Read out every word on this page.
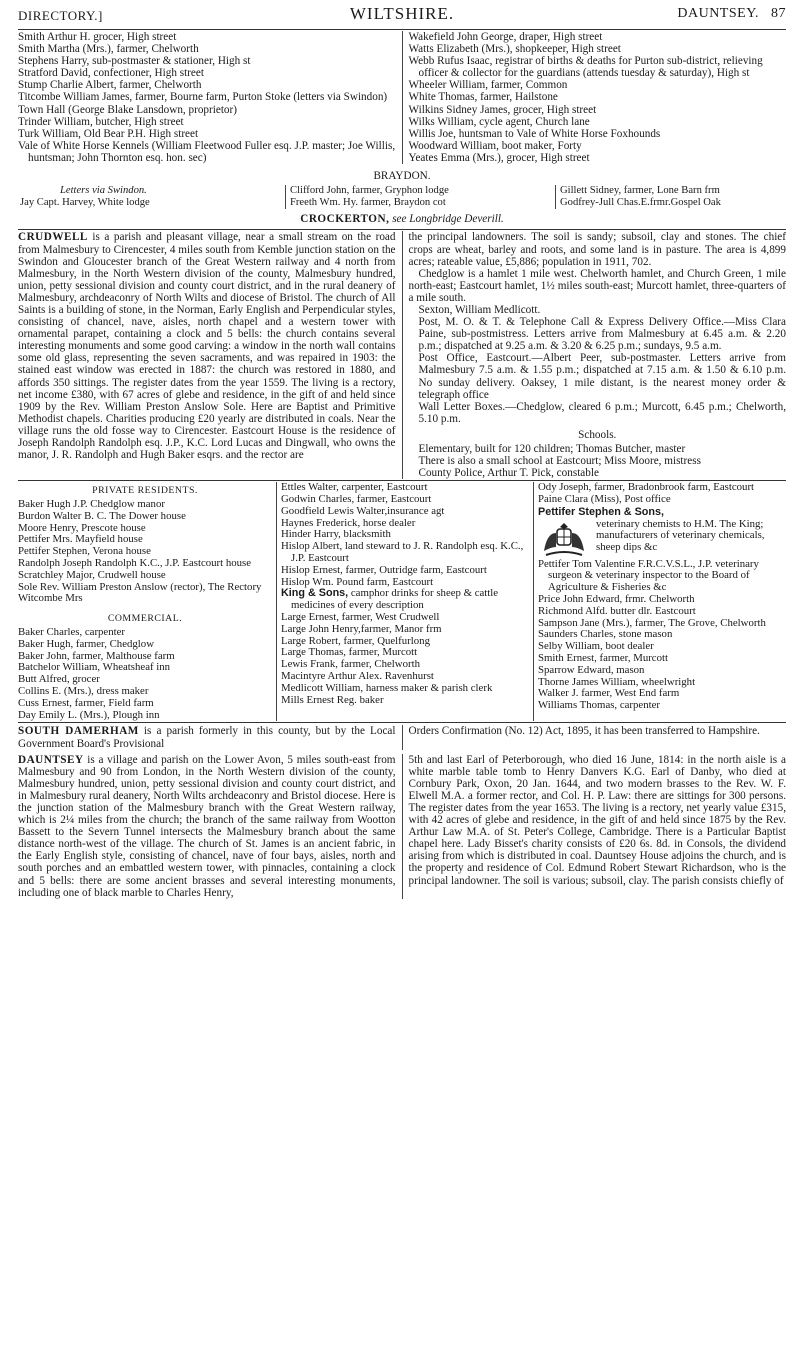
DIRECTORY.]	WILTSHIRE.	DAUNTSEY. 87

Smith Arthur H. grocer, High street

Smith Martha (Mrs.), farmer, Chelworth

Stephens Harry, sub-postmaster & stationer, High st

Stratford David, confectioner, High street

Stump Charlie Albert, farmer, Chelworth

Titcombe William James, farmer, Bourne farm, Purton Stoke (letters via Swindon)

Town Hall (George Blake Lansdown, proprietor)

Trinder William, butcher, High street

Turk William, Old Bear P.H. High street

Vale of White Horse Kennels (William Fleetwood Fuller esq. J.P. master; Joe Willis, huntsman; John Thornton esq. hon. sec)

Wakefield John George, draper, High street

Watts Elizabeth (Mrs.), shopkeeper, High street

Webb Rufus Isaac, registrar of births & deaths for Purton sub-district, relieving officer & collector for the guardians (attends tuesday & saturday), High st

Wheeler William, farmer, Common

White Thomas, farmer, Hailstone

Wilkins Sidney James, grocer, High street

Wilks William, cycle agent, Church lane

Willis Joe, huntsman to Vale of White Horse Foxhounds

Woodward William, boot maker, Forty

Yeates Emma (Mrs.), grocer, High street

BRAYDON.
Letters via Swindon.
Jay Capt. Harvey, White lodge
Clifford John, farmer, Gryphon lodge
Freeth Wm. Hy. farmer, Braydon cot
Gillett Sidney, farmer, Lone Barn frm
Godfrey-Jull Chas.E.frmr.Gospel Oak
CROCKERTON, see Longbridge Deverill.

CRUDWELL is a parish and pleasant village, near a small stream on the road from Malmesbury to Cirencester, 4 miles south from Kemble junction station on the Swindon and Gloucester branch of the Great Western railway and 4 north from Malmesbury, in the North Western division of the county, Malmesbury hundred, union, petty sessional division and county court district, and in the rural deanery of Malmesbury, archdeaconry of North Wilts and diocese of Bristol. The church of All Saints is a building of stone, in the Norman, Early English and Perpendicular styles, consisting of chancel, nave, aisles, north chapel and a western tower with ornamental parapet, containing a clock and 5 bells: the church contains several interesting monuments and some good carving: a window in the north wall contains some old glass, representing the seven sacraments, and was repaired in 1903: the stained east window was erected in 1887: the church was restored in 1880, and affords 350 sittings. The register dates from the year 1559. The living is a rectory, net income £380, with 67 acres of glebe and residence, in the gift of and held since 1909 by the Rev. William Preston Anslow Sole. Here are Baptist and Primitive Methodist chapels. Charities producing £20 yearly are distributed in coals. Near the village runs the old fosse way to Cirencester. Eastcourt House is the residence of Joseph Randolph Randolph esq. J.P., K.C. Lord Lucas and Dingwall, who owns the manor, J. R. Randolph and Hugh Baker esqrs. and the rector are

the principal landowners. The soil is sandy; subsoil, clay and stones. The chief crops are wheat, barley and roots, and some land is in pasture. The area is 4,899 acres; rateable value, £5,886; population in 1911, 702.

Chedglow is a hamlet 1 mile west. Chelworth hamlet, and Church Green, 1 mile north-east; Eastcourt hamlet, 1½ miles south-east; Murcott hamlet, three-quarters of a mile south.

Sexton, William Medlicott.

Post, M. O. & T. & Telephone Call & Express Delivery Office.—Miss Clara Paine, sub-postmistress. Letters arrive from Malmesbury at 6.45 a.m. & 2.20 p.m.; dispatched at 9.25 a.m. & 3.20 & 6.25 p.m.; sundays, 9.5 a.m.

Post Office, Eastcourt.—Albert Peer, sub-postmaster. Letters arrive from Malmesbury 7.5 a.m. & 1.55 p.m.; dispatched at 7.15 a.m. & 1.50 & 6.10 p.m. No sunday delivery. Oaksey, 1 mile distant, is the nearest money order & telegraph office

Wall Letter Boxes.—Chedglow, cleared 6 p.m.; Murcott, 6.45 p.m.; Chelworth, 5.10 p.m.

Schools.

Elementary, built for 120 children; Thomas Butcher, master

There is also a small school at Eastcourt; Miss Moore, mistress

County Police, Arthur T. Pick, constable

PRIVATE RESIDENTS.

Baker Hugh J.P. Chedglow manor

Burdon Walter B. C. The Dower house

Moore Henry, Prescote house

Pettifer Mrs. Mayfield house

Pettifer Stephen, Verona house

Randolph Joseph Randolph K.C., J.P. Eastcourt house

Scratchley Major, Crudwell house

Sole Rev. William Preston Anslow (rector), The Rectory

Witcombe Mrs

COMMERCIAL.

Baker Charles, carpenter

Baker Hugh, farmer, Chedglow

Baker John, farmer, Malthouse farm

Batchelor William, Wheatsheaf inn

Butt Alfred, grocer

Collins E. (Mrs.), dress maker

Cuss Ernest, farmer, Field farm

Day Emily L. (Mrs.), Plough inn

Ettles Walter, carpenter, Eastcourt

Godwin Charles, farmer, Eastcourt

Goodfield Lewis Walter,insurance agt

Haynes Frederick, horse dealer

Hinder Harry, blacksmith

Hislop Albert, land steward to J. R. Randolph esq. K.C., J.P. Eastcourt

Hislop Ernest, farmer, Outridge farm, Eastcourt

Hislop Wm. Pound farm, Eastcourt

King & Sons, camphor drinks for sheep & cattle medicines of every description

Large Ernest, farmer, West Crudwell

Large John Henry,farmer, Manor frm

Large Robert, farmer, Quelfurlong

Large Thomas, farmer, Murcott

Lewis Frank, farmer, Chelworth

Macintyre Arthur Alex. Ravenhurst

Medlicott William, harness maker & parish clerk

Mills Ernest Reg. baker

Ody Joseph, farmer, Bradonbrook farm, Eastcourt

Paine Clara (Miss), Post office

Pettifer Stephen & Sons,
veterinary chemists to H.M. The King; manufacturers of veterinary chemicals, sheep dips &c

Pettifer Tom Valentine F.R.C.V.S.L., J.P. veterinary surgeon & veterinary inspector to the Board of Agriculture & Fisheries &c

Price John Edward, frmr. Chelworth

Richmond Alfd. butter dlr. Eastcourt

Sampson Jane (Mrs.), farmer, The Grove, Chelworth

Saunders Charles, stone mason

Selby William, boot dealer

Smith Ernest, farmer, Murcott

Sparrow Edward, mason

Thorne James William, wheelwright

Walker J. farmer, West End farm

Williams Thomas, carpenter

SOUTH DAMERHAM is a parish formerly in this county, but by the Local Government Board's Provisional

Orders Confirmation (No. 12) Act, 1895, it has been transferred to Hampshire.

DAUNTSEY is a village and parish on the Lower Avon, 5 miles south-east from Malmesbury and 90 from London, in the North Western division of the county, Malmesbury hundred, union, petty sessional division and county court district, and in Malmesbury rural deanery, North Wilts archdeaconry and Bristol diocese. Here is the junction station of the Malmesbury branch with the Great Western railway, which is 2¼ miles from the church; the branch of the same railway from Wootton Bassett to the Severn Tunnel intersects the Malmesbury branch about the same distance north-west of the village. The church of St. James is an ancient fabric, in the Early English style, consisting of chancel, nave of four bays, aisles, north and south porches and an embattled western tower, with pinnacles, containing a clock and 5 bells: there are some ancient brasses and several interesting monuments, including one of black marble to Charles Henry,

5th and last Earl of Peterborough, who died 16 June, 1814: in the north aisle is a white marble table tomb to Henry Danvers K.G. Earl of Danby, who died at Cornbury Park, Oxon, 20 Jan. 1644, and two modern brasses to the Rev. W. F. Elwell M.A. a former rector, and Col. H. P. Law: there are sittings for 300 persons. The register dates from the year 1653. The living is a rectory, net yearly value £315, with 42 acres of glebe and residence, in the gift of and held since 1875 by the Rev. Arthur Law M.A. of St. Peter's College, Cambridge. There is a Particular Baptist chapel here. Lady Bisset's charity consists of £20 6s. 8d. in Consols, the dividend arising from which is distributed in coal. Dauntsey House adjoins the church, and is the property and residence of Col. Edmund Robert Stewart Richardson, who is the principal landowner. The soil is various; subsoil, clay. The parish consists chiefly of
